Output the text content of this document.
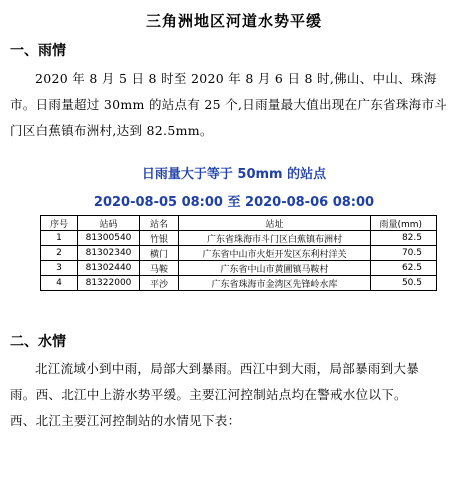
三角洲地区河道水势平缓
一、雨情
2020 年 8 月 5 日 8 时至 2020 年 8 月 6 日 8 时,佛山、中山、珠海
市。日雨量超过 30mm 的站点有 25 个,日雨量最大值出现在广东省珠海市斗
门区白蕉镇布洲村,达到 82.5mm。
日雨量大于等于 50mm 的站点
2020-08-05 08:00 至 2020-08-06 08:00
序号	站码	站名	站址	雨量(mm)
1	81300540	竹银	广东省珠海市斗门区白蕉镇布洲村	82.5
2	81302340	横门	广东省中山市火炬开发区东利村洋关	70.5
3	81302440	马鞍	广东省中山市黄圃镇马鞍村	62.5
4	81322000	平沙	广东省珠海市金湾区先锋岭水库	50.5
二、水情
北江流域小到中雨，局部大到暴雨。西江中到大雨，局部暴雨到大暴
雨。西、北江中上游水势平缓。主要江河控制站点均在警戒水位以下。
西、北江主要江河控制站的水情见下表：
